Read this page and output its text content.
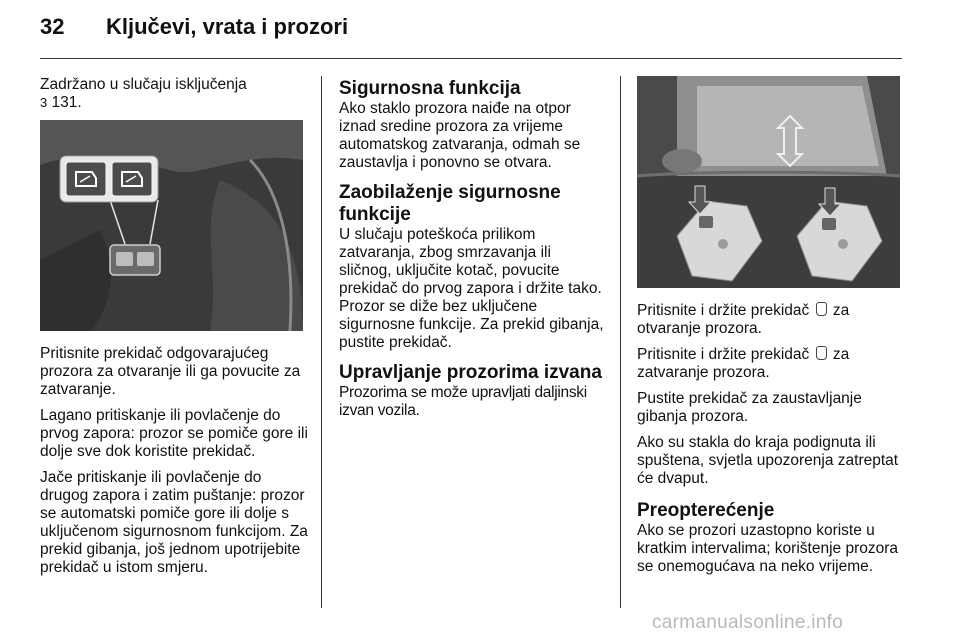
32	Ključevi, vrata i prozori

Zadržano u slučaju isključenja
3 131.

Pritisnite prekidač odgovarajućeg prozora za otvaranje ili ga povucite za zatvaranje.

Lagano pritiskanje ili povlačenje do prvog zapora: prozor se pomiče gore ili dolje sve dok koristite prekidač.

Jače pritiskanje ili povlačenje do drugog zapora i zatim puštanje: prozor se automatski pomiče gore ili dolje s uključenom sigurnosnom funkcijom. Za prekid gibanja, još jednom upotrijebite prekidač u istom smjeru.

Sigurnosna funkcija

Ako staklo prozora naiđe na otpor iznad sredine prozora za vrijeme automatskog zatvaranja, odmah se zaustavlja i ponovno se otvara.

Zaobilaženje sigurnosne funkcije

U slučaju poteškoća prilikom zatvaranja, zbog smrzavanja ili sličnog, uključite kotač, povucite prekidač do prvog zapora i držite tako. Prozor se diže bez uključene sigurnosne funkcije. Za prekid gibanja, pustite prekidač.

Upravljanje prozorima izvana

Prozorima se može upravljati daljinski izvan vozila.

Pritisnite i držite prekidač  za otvaranje prozora.

Pritisnite i držite prekidač  za zatvaranje prozora.

Pustite prekidač za zaustavljanje gibanja prozora.

Ako su stakla do kraja podignuta ili spuštena, svjetla upozorenja zatreptat će dvaput.

Preopterećenje

Ako se prozori uzastopno koriste u kratkim intervalima; korištenje prozora se onemogućava na neko vrijeme.

carmanualsonline.info
